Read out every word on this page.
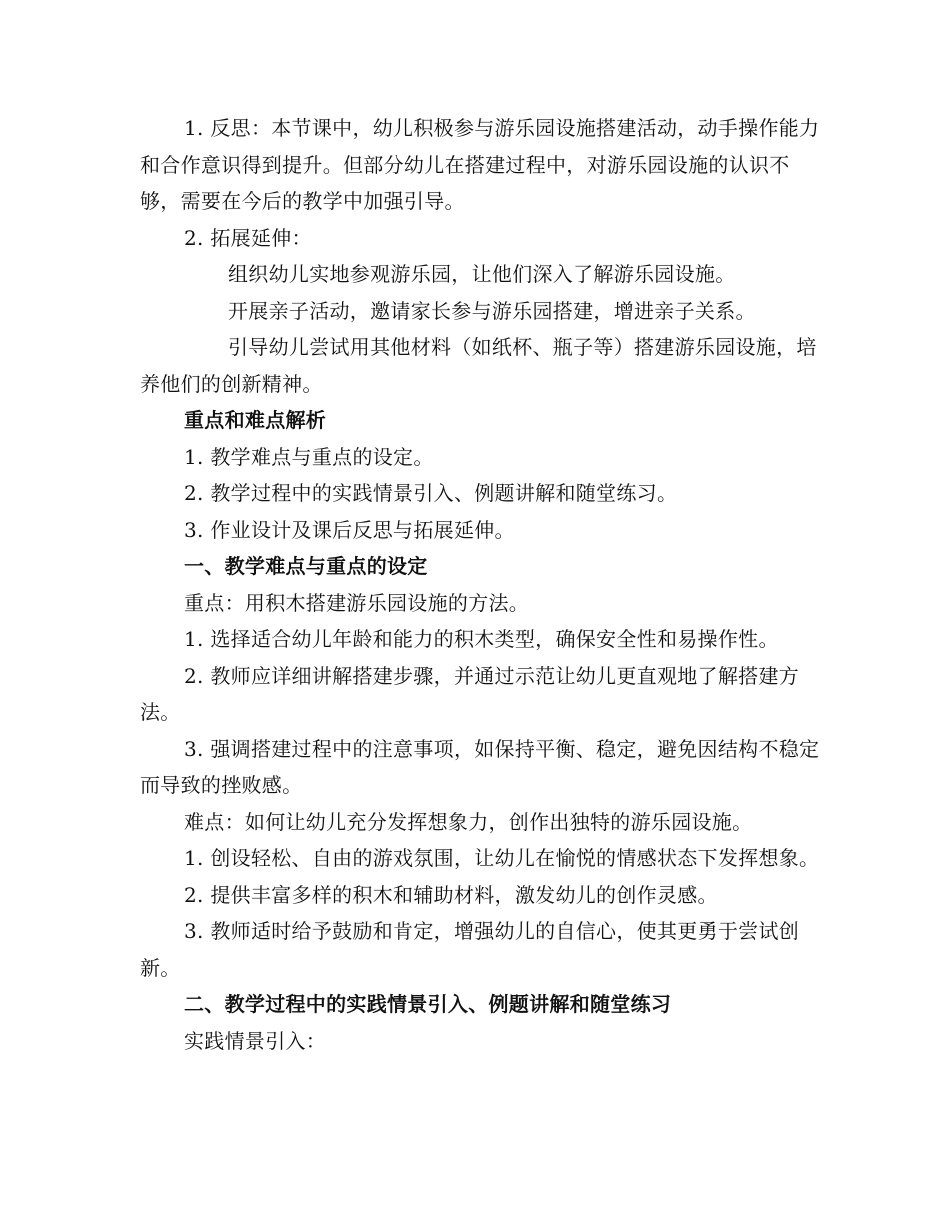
1. 反思：本节课中，幼儿积极参与游乐园设施搭建活动，动手操作能力和合作意识得到提升。但部分幼儿在搭建过程中，对游乐园设施的认识不够，需要在今后的教学中加强引导。

2. 拓展延伸：

组织幼儿实地参观游乐园，让他们深入了解游乐园设施。

开展亲子活动，邀请家长参与游乐园搭建，增进亲子关系。

引导幼儿尝试用其他材料（如纸杯、瓶子等）搭建游乐园设施，培养他们的创新精神。

重点和难点解析

1. 教学难点与重点的设定。

2. 教学过程中的实践情景引入、例题讲解和随堂练习。

3. 作业设计及课后反思与拓展延伸。

一、教学难点与重点的设定

重点：用积木搭建游乐园设施的方法。

1. 选择适合幼儿年龄和能力的积木类型，确保安全性和易操作性。

2. 教师应详细讲解搭建步骤，并通过示范让幼儿更直观地了解搭建方法。

3. 强调搭建过程中的注意事项，如保持平衡、稳定，避免因结构不稳定而导致的挫败感。

难点：如何让幼儿充分发挥想象力，创作出独特的游乐园设施。

1. 创设轻松、自由的游戏氛围，让幼儿在愉悦的情感状态下发挥想象。

2. 提供丰富多样的积木和辅助材料，激发幼儿的创作灵感。

3. 教师适时给予鼓励和肯定，增强幼儿的自信心，使其更勇于尝试创新。

二、教学过程中的实践情景引入、例题讲解和随堂练习

实践情景引入：
